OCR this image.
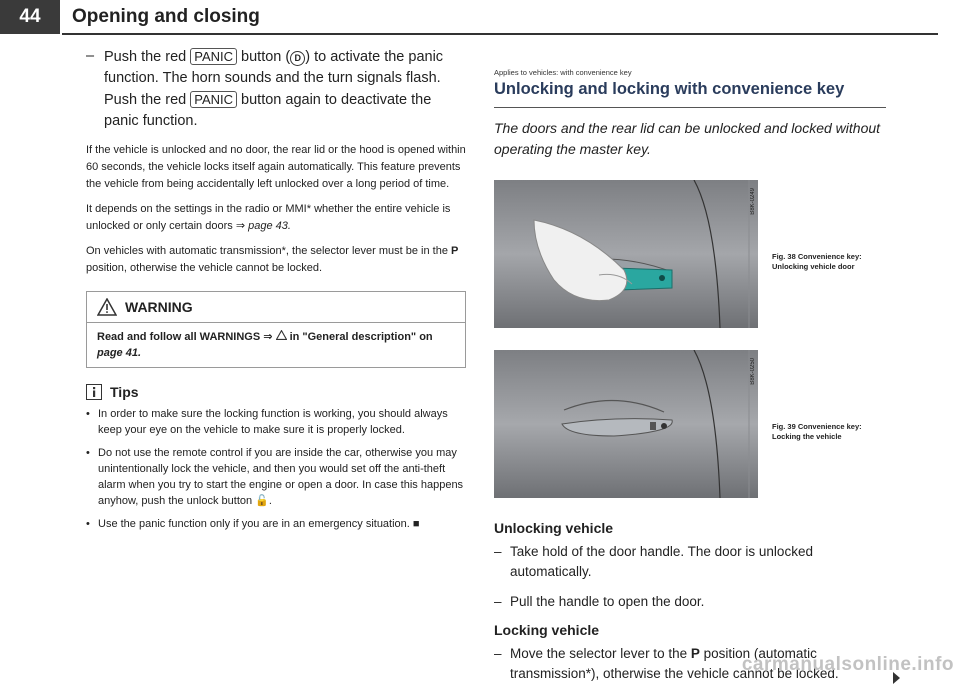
44	Opening and closing
– Push the red PANIC button ( D ) to activate the panic function. The horn sounds and the turn signals flash. Push the red PANIC button again to deactivate the panic function.

If the vehicle is unlocked and no door, the rear lid or the hood is opened within 60 seconds, the vehicle locks itself again automatically. This feature prevents the vehicle from being accidentally left unlocked over a long period of time.

It depends on the settings in the radio or MMI* whether the entire vehicle is unlocked or only certain doors ⇒ page 43.

On vehicles with automatic transmission*, the selector lever must be in the P position, otherwise the vehicle cannot be locked.

WARNING
Read and follow all WARNINGS ⇒  in "General description" on page 41.
Tips
• In order to make sure the locking function is working, you should always keep your eye on the vehicle to make sure it is properly locked.
• Do not use the remote control if you are inside the car, otherwise you may unintentionally lock the vehicle, and then you would set off the anti-theft alarm when you try to start the engine or open a door. In case this happens anyhow, push the unlock button 🔓.
• Use the panic function only if you are in an emergency situation. ■
Applies to vehicles: with convenience key
Unlocking and locking with convenience key
The doors and the rear lid can be unlocked and locked without operating the master key.
B8K-0249
Fig. 38 Convenience key: Unlocking vehicle door
B8K-0250
Fig. 39 Convenience key: Locking the vehicle
Unlocking vehicle
– Take hold of the door handle. The door is unlocked automatically.
– Pull the handle to open the door.
Locking vehicle
– Move the selector lever to the P position (automatic transmission*), otherwise the vehicle cannot be locked.
carmanualsonline.info
